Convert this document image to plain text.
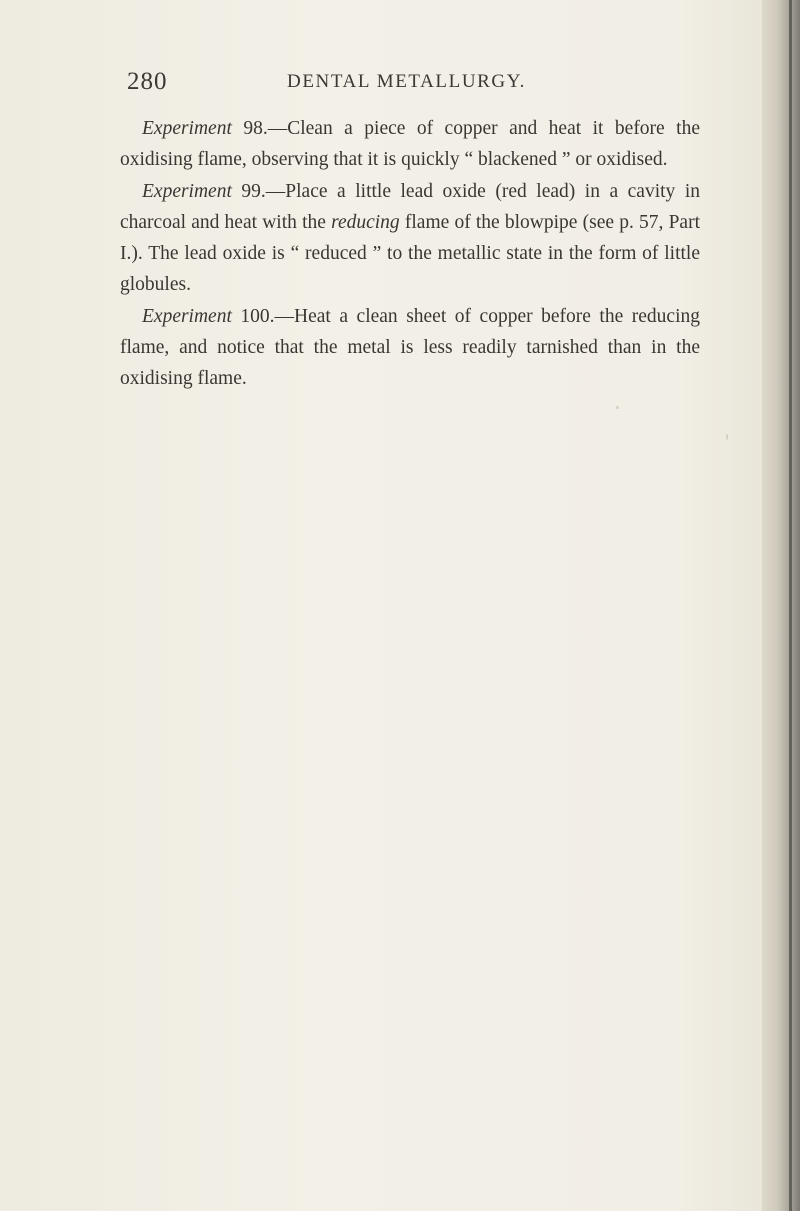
280	DENTAL METALLURGY.

Experiment 98.—Clean a piece of copper and heat it before the oxidising flame, observing that it is quickly “ blackened ” or oxidised.

Experiment 99.—Place a little lead oxide (red lead) in a cavity in charcoal and heat with the reducing flame of the blowpipe (see p. 57, Part I.). The lead oxide is “ reduced ” to the metallic state in the form of little globules.

Experiment 100.—Heat a clean sheet of copper before the reducing flame, and notice that the metal is less readily tarnished than in the oxidising flame.
